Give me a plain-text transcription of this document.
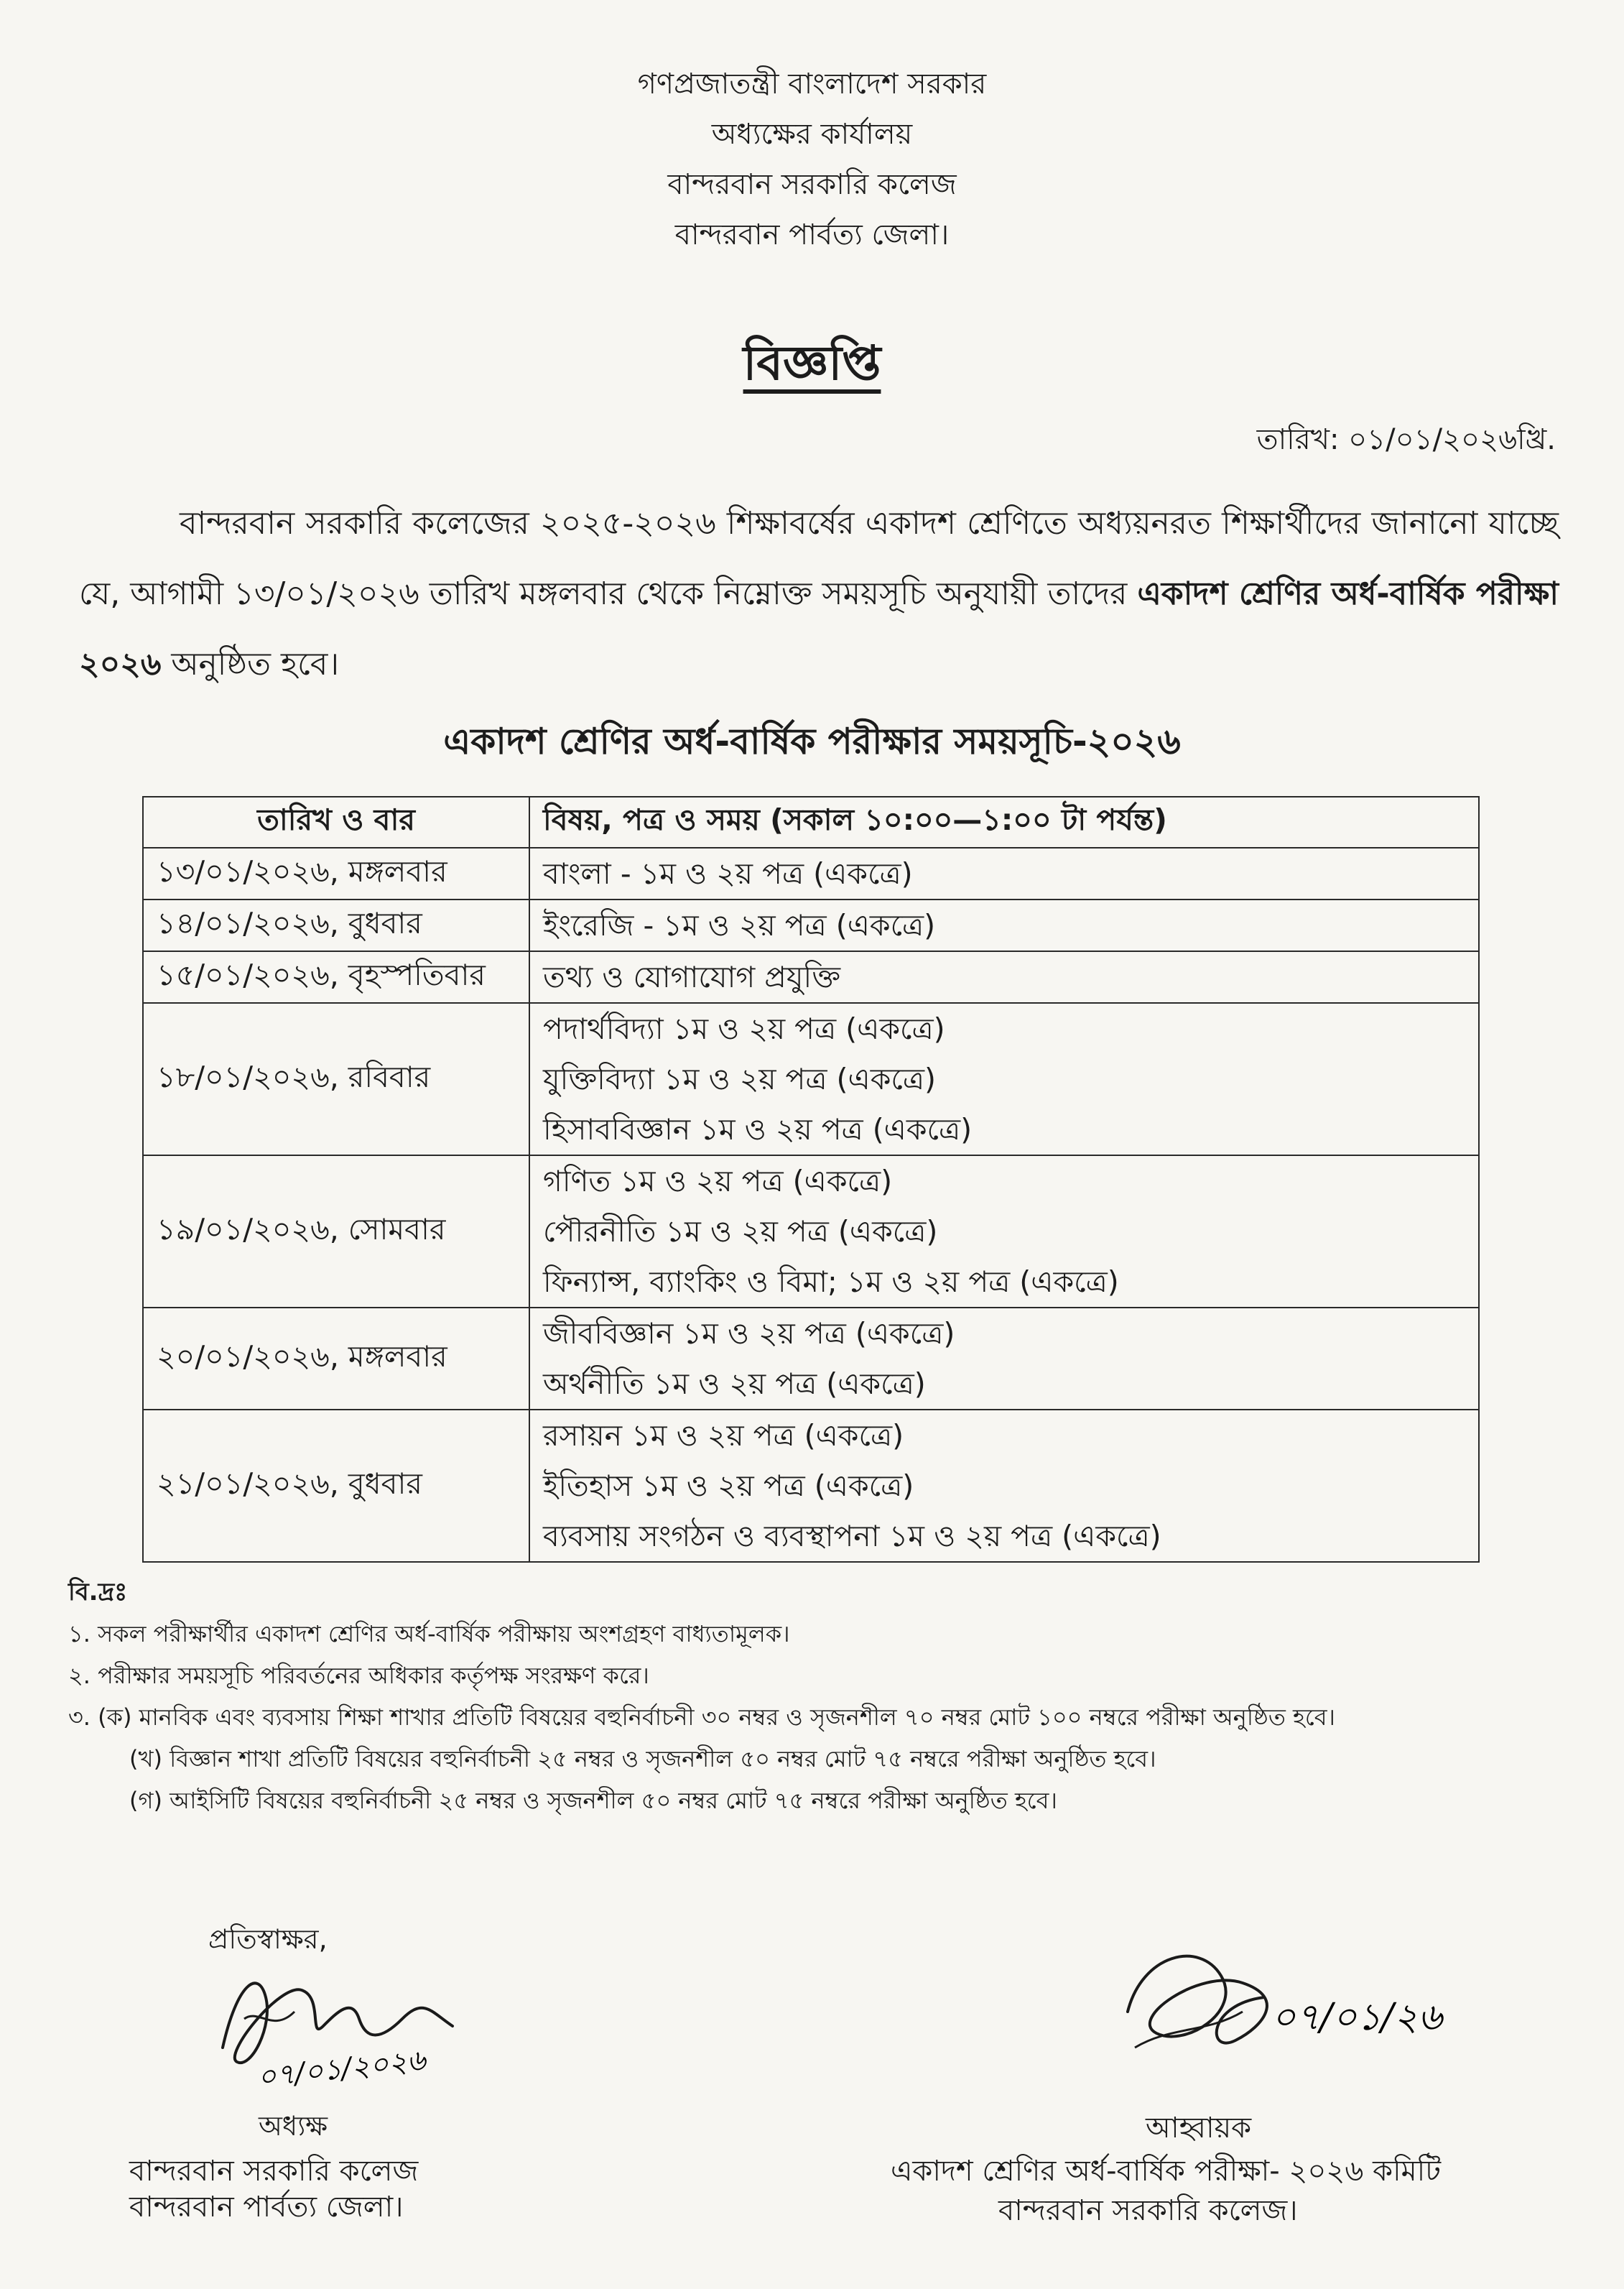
গণপ্রজাতন্ত্রী বাংলাদেশ সরকার
অধ্যক্ষের কার্যালয়
বান্দরবান সরকারি কলেজ
বান্দরবান পার্বত্য জেলা।
বিজ্ঞপ্তি
তারিখ: ০১/০১/২০২৬খ্রি.
বান্দরবান সরকারি কলেজের ২০২৫-২০২৬ শিক্ষাবর্ষের একাদশ শ্রেণিতে অধ্যয়নরত শিক্ষার্থীদের জানানো যাচ্ছে যে, আগামী ১৩/০১/২০২৬ তারিখ মঙ্গলবার থেকে নিম্নোক্ত সময়সূচি অনুযায়ী তাদের একাদশ শ্রেণির অর্ধ-বার্ষিক পরীক্ষা ২০২৬ অনুষ্ঠিত হবে।
একাদশ শ্রেণির অর্ধ-বার্ষিক পরীক্ষার সময়সূচি-২০২৬
তারিখ ও বার	বিষয়, পত্র ও সময় (সকাল ১০:০০—১:০০ টা পর্যন্ত)
১৩/০১/২০২৬, মঙ্গলবার	বাংলা - ১ম ও ২য় পত্র (একত্রে)

১৪/০১/২০২৬, বুধবার	ইংরেজি - ১ম ও ২য় পত্র (একত্রে)

১৫/০১/২০২৬, বৃহস্পতিবার	তথ্য ও যোগাযোগ প্রযুক্তি

১৮/০১/২০২৬, রবিবার	পদার্থবিদ্যা ১ম ও ২য় পত্র (একত্রে)
যুক্তিবিদ্যা ১ম ও ২য় পত্র (একত্রে)
হিসাববিজ্ঞান ১ম ও ২য় পত্র (একত্রে)

১৯/০১/২০২৬, সোমবার	গণিত ১ম ও ২য় পত্র (একত্রে)
পৌরনীতি ১ম ও ২য় পত্র (একত্রে)
ফিন্যান্স, ব্যাংকিং ও বিমা; ১ম ও ২য় পত্র (একত্রে)

২০/০১/২০২৬, মঙ্গলবার	জীববিজ্ঞান ১ম ও ২য় পত্র (একত্রে)
অর্থনীতি ১ম ও ২য় পত্র (একত্রে)

২১/০১/২০২৬, বুধবার	রসায়ন ১ম ও ২য় পত্র (একত্রে)
ইতিহাস ১ম ও ২য় পত্র (একত্রে)
ব্যবসায় সংগঠন ও ব্যবস্থাপনা ১ম ও ২য় পত্র (একত্রে)
বি.দ্রঃ
১. সকল পরীক্ষার্থীর একাদশ শ্রেণির অর্ধ-বার্ষিক পরীক্ষায় অংশগ্রহণ বাধ্যতামূলক।
২. পরীক্ষার সময়সূচি পরিবর্তনের অধিকার কর্তৃপক্ষ সংরক্ষণ করে।
৩. (ক) মানবিক এবং ব্যবসায় শিক্ষা শাখার প্রতিটি বিষয়ের বহুনির্বাচনী ৩০ নম্বর ও সৃজনশীল ৭০ নম্বর মোট ১০০ নম্বরে পরীক্ষা অনুষ্ঠিত হবে।
(খ) বিজ্ঞান শাখা প্রতিটি বিষয়ের বহুনির্বাচনী ২৫ নম্বর ও সৃজনশীল ৫০ নম্বর মোট ৭৫ নম্বরে পরীক্ষা অনুষ্ঠিত হবে।
(গ) আইসিটি বিষয়ের বহুনির্বাচনী ২৫ নম্বর ও সৃজনশীল ৫০ নম্বর মোট ৭৫ নম্বরে পরীক্ষা অনুষ্ঠিত হবে।
প্রতিস্বাক্ষর,
০৭/০১/২০২৬
অধ্যক্ষ
বান্দরবান সরকারি কলেজ
বান্দরবান পার্বত্য জেলা।
০৭/০১/২৬
আহ্বায়ক
একাদশ শ্রেণির অর্ধ-বার্ষিক পরীক্ষা- ২০২৬ কমিটি
বান্দরবান সরকারি কলেজ।
